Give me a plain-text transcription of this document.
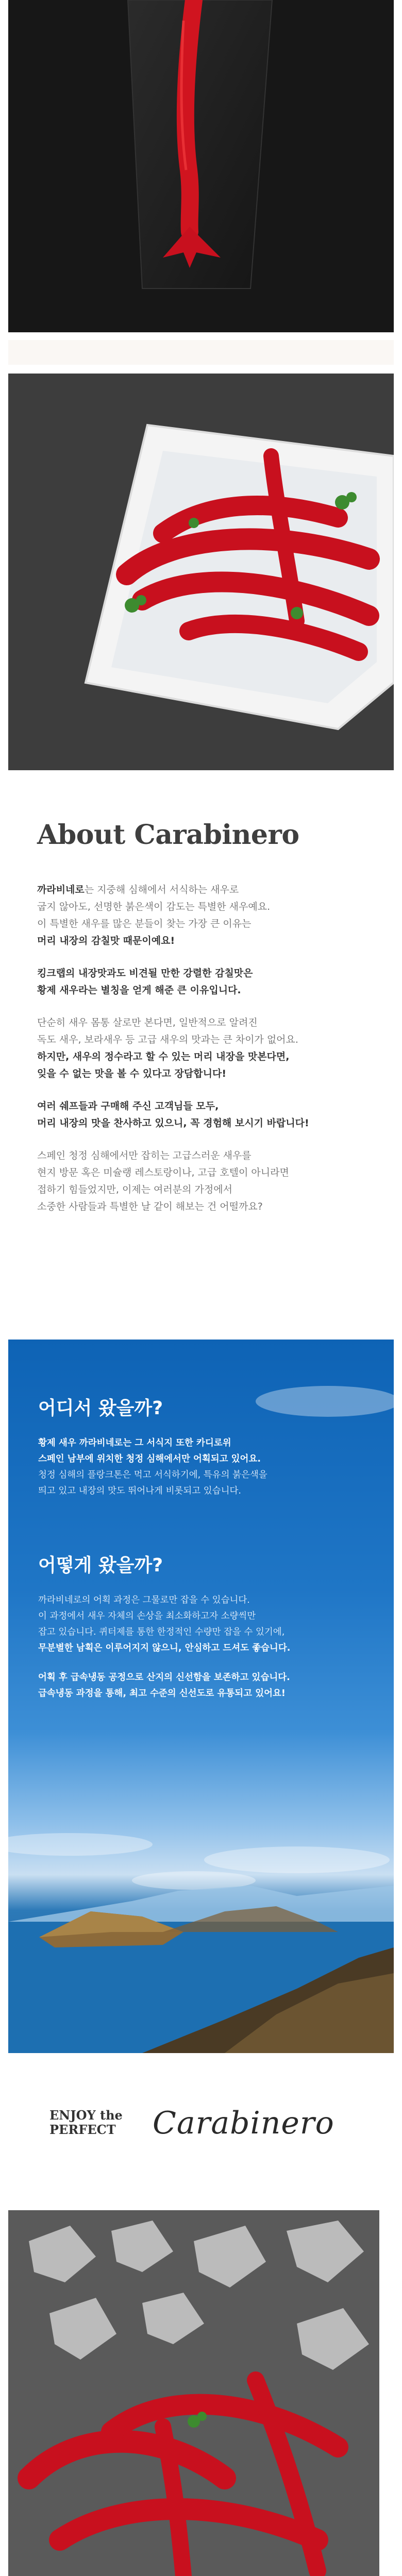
About Carabinero

까라비네로는 지중해 심해에서 서식하는 새우로
굽지 않아도, 선명한 붉은색이 감도는 특별한 새우예요.
이 특별한 새우를 많은 분들이 찾는 가장 큰 이유는
머리 내장의 감칠맛 때문이예요!

킹크랩의 내장맛과도 비견될 만한 강렬한 감칠맛은
황제 새우라는 별칭을 얻게 해준 큰 이유입니다.

단순히 새우 몸통 살로만 본다면, 일반적으로 알려진
독도 새우, 보라새우 등 고급 새우의 맛과는 큰 차이가 없어요.
하지만, 새우의 정수라고 할 수 있는 머리 내장을 맛본다면,
잊을 수 없는 맛을 볼 수 있다고 장담합니다!

여러 쉐프들과 구매해 주신 고객님들 모두,
머리 내장의 맛을 찬사하고 있으니, 꼭 경험해 보시기 바랍니다!

스페인 청정 심해에서만 잡히는 고급스러운 새우를
현지 방문 혹은 미슐랭 레스토랑이나, 고급 호텔이 아니라면
접하기 힘들었지만, 이제는 여러분의 가정에서
소중한 사람들과 특별한 날 같이 해보는 건 어떨까요?

어디서 왔을까?

황제 새우 까라비네로는 그 서식지 또한 카디로위
스페인 남부에 위치한 청정 심해에서만 어획되고 있어요.
청정 심해의 플랑크톤은 먹고 서식하기에, 특유의 붉은색을
띄고 있고 내장의 맛도 뛰어나게 비롯되고 있습니다.

어떻게 왔을까?

까라비네로의 어획 과정은 그물로만 잡을 수 있습니다.
이 과정에서 새우 자체의 손상을 최소화하고자 소량씩만
잡고 있습니다. 퀴터제를 통한 한정적인 수량만 잡을 수 있기에,
무분별한 남획은 이루어지지 않으니, 안심하고 드셔도 좋습니다.

어획 후 급속냉동 공정으로 산지의 신선함을 보존하고 있습니다.
급속냉동 과정을 통해, 최고 수준의 신선도로 유통되고 있어요!

ENJOY the
PERFECT Carabinero
